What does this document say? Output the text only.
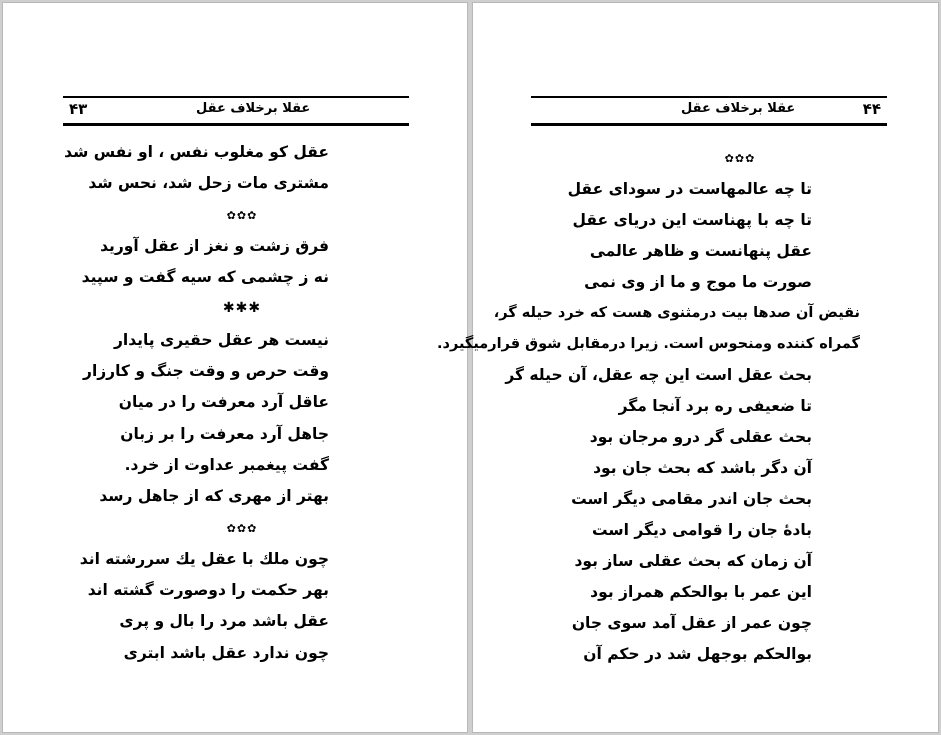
۴۳	عقلا برخلاف عقل
عقل کو مغلوب نفس ، او نفس شد
مشتری مات زحل شد، نحس شد
✿✿✿
فرق زشت و نغز از عقل آورید
نه ز چشمی که سیه گفت و سپید
✱✱✱
نیست هر عقل حقیری پایدار
وقت حرص و وقت جنگ و کارزار
عاقل آرد معرفت را در میان
جاهل آرد معرفت را بر زبان
گفت پیغمبر عداوت از خرد.
بهتر از مهری که از جاهل رسد
✿✿✿
چون ملك با عقل یك سررشته اند
بهر حکمت را دوصورت گشته اند
عقل باشد مرد را بال و پری
چون ندارد عقل باشد ابتری
۴۴
عقلا برخلاف عقل
✿✿✿
تا چه عالمهاست در سودای عقل
تا چه با پهناست این دریای عقل
عقل پنهانست و ظاهر عالمی
صورت ما موج و ما از وی نمی
نقیض آن صدها بیت درمثنوی هست که خرد حیله گر،
گمراه کننده ومنحوس است. زیرا درمقابل شوق قرارمیگیرد.
بحث عقل است این چه عقل، آن حیله گر
تا ضعیفی ره برد آنجا مگر
بحث عقلی گر درو مرجان بود
آن دگر باشد که بحث جان بود
بحث جان اندر مقامی دیگر است
بادهٔ جان را قوامی دیگر است
آن زمان که بحث عقلی ساز بود
این عمر با بوالحکم همراز بود
چون عمر از عقل آمد سوی جان
بوالحکم بوجهل شد در حکم آن
